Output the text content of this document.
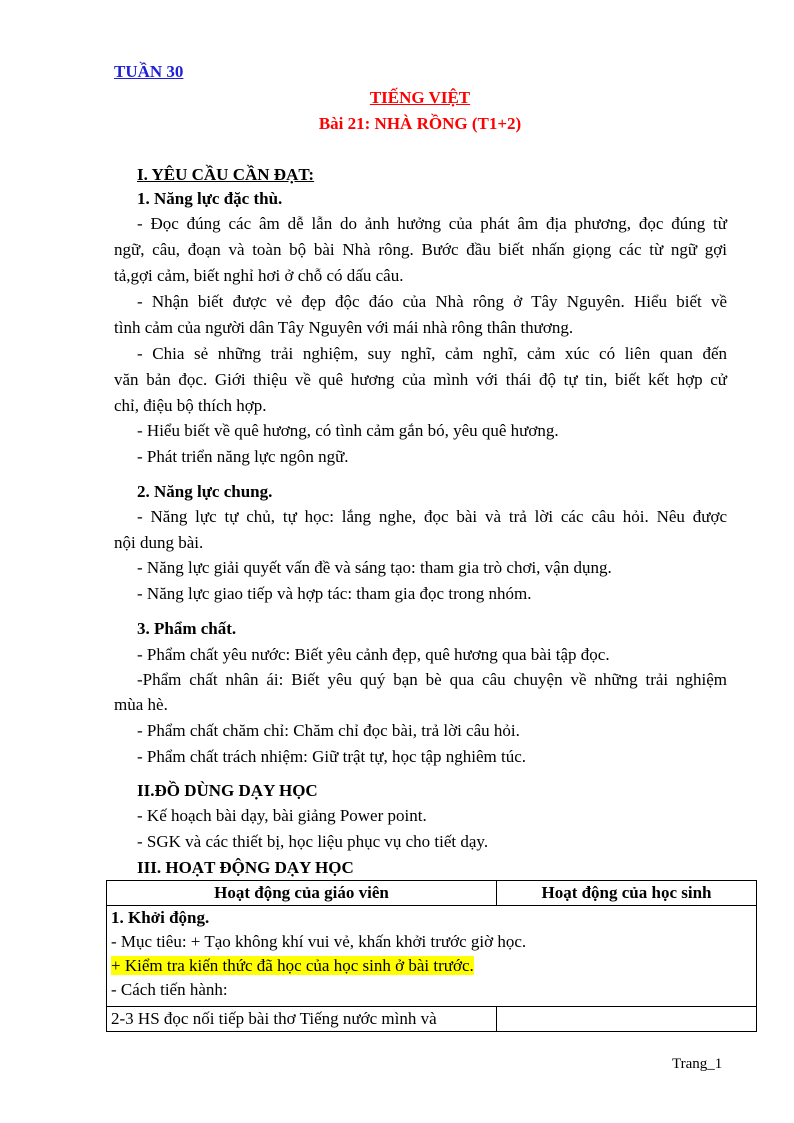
TUẦN 30
TIẾNG VIỆT
Bài 21: NHÀ RỒNG (T1+2)
I. YÊU CẦU CẦN ĐẠT:
1. Năng lực đặc thù.
- Đọc đúng các âm dễ lẫn do ảnh hưởng của phát âm địa phương, đọc đúng từ
ngữ, câu, đoạn và toàn bộ bài Nhà rông. Bước đầu biết nhấn giọng các từ ngữ gợi
tả,gợi cảm, biết nghỉ hơi ở chỗ có dấu câu.
- Nhận biết được vẻ đẹp độc đáo của Nhà rông ở Tây Nguyên. Hiểu biết về
tình cảm của người dân Tây Nguyên với mái nhà rông thân thương.
- Chia sẻ những trải nghiệm, suy nghĩ, cảm nghĩ, cảm xúc có liên quan đến
văn bản đọc. Giới thiệu về quê hương của mình với thái độ tự tin, biết kết hợp cử
chỉ, điệu bộ thích hợp.
- Hiểu biết về quê hương, có tình cảm gắn bó, yêu quê hương.
- Phát triển năng lực ngôn ngữ.
2. Năng lực chung.
- Năng lực tự chủ, tự học: lắng nghe, đọc bài và trả lời các câu hỏi. Nêu được
nội dung bài.
- Năng lực giải quyết vấn đề và sáng tạo: tham gia trò chơi, vận dụng.
- Năng lực giao tiếp và hợp tác: tham gia đọc trong nhóm.
3. Phẩm chất.
- Phẩm chất yêu nước: Biết yêu cảnh đẹp, quê hương qua bài tập đọc.
-Phẩm chất nhân ái: Biết yêu quý bạn bè qua câu chuyện về những trải nghiệm
mùa hè.
- Phẩm chất chăm chỉ: Chăm chỉ đọc bài, trả lời câu hỏi.
- Phẩm chất trách nhiệm: Giữ trật tự, học tập nghiêm túc.
II.ĐỒ DÙNG DẠY HỌC
- Kế hoạch bài dạy, bài giảng Power point.
- SGK và các thiết bị, học liệu phục vụ cho tiết dạy.
III. HOẠT ĐỘNG DẠY HỌC
Hoạt động của giáo viên	Hoạt động của học sinh

1. Khởi động.
- Mục tiêu: + Tạo không khí vui vẻ, khấn khởi trước giờ học.
+ Kiểm tra kiến thức đã học của học sinh ở bài trước.
- Cách tiến hành:	

2-3 HS đọc nối tiếp bài thơ Tiếng nước mình và	
Trang_1
